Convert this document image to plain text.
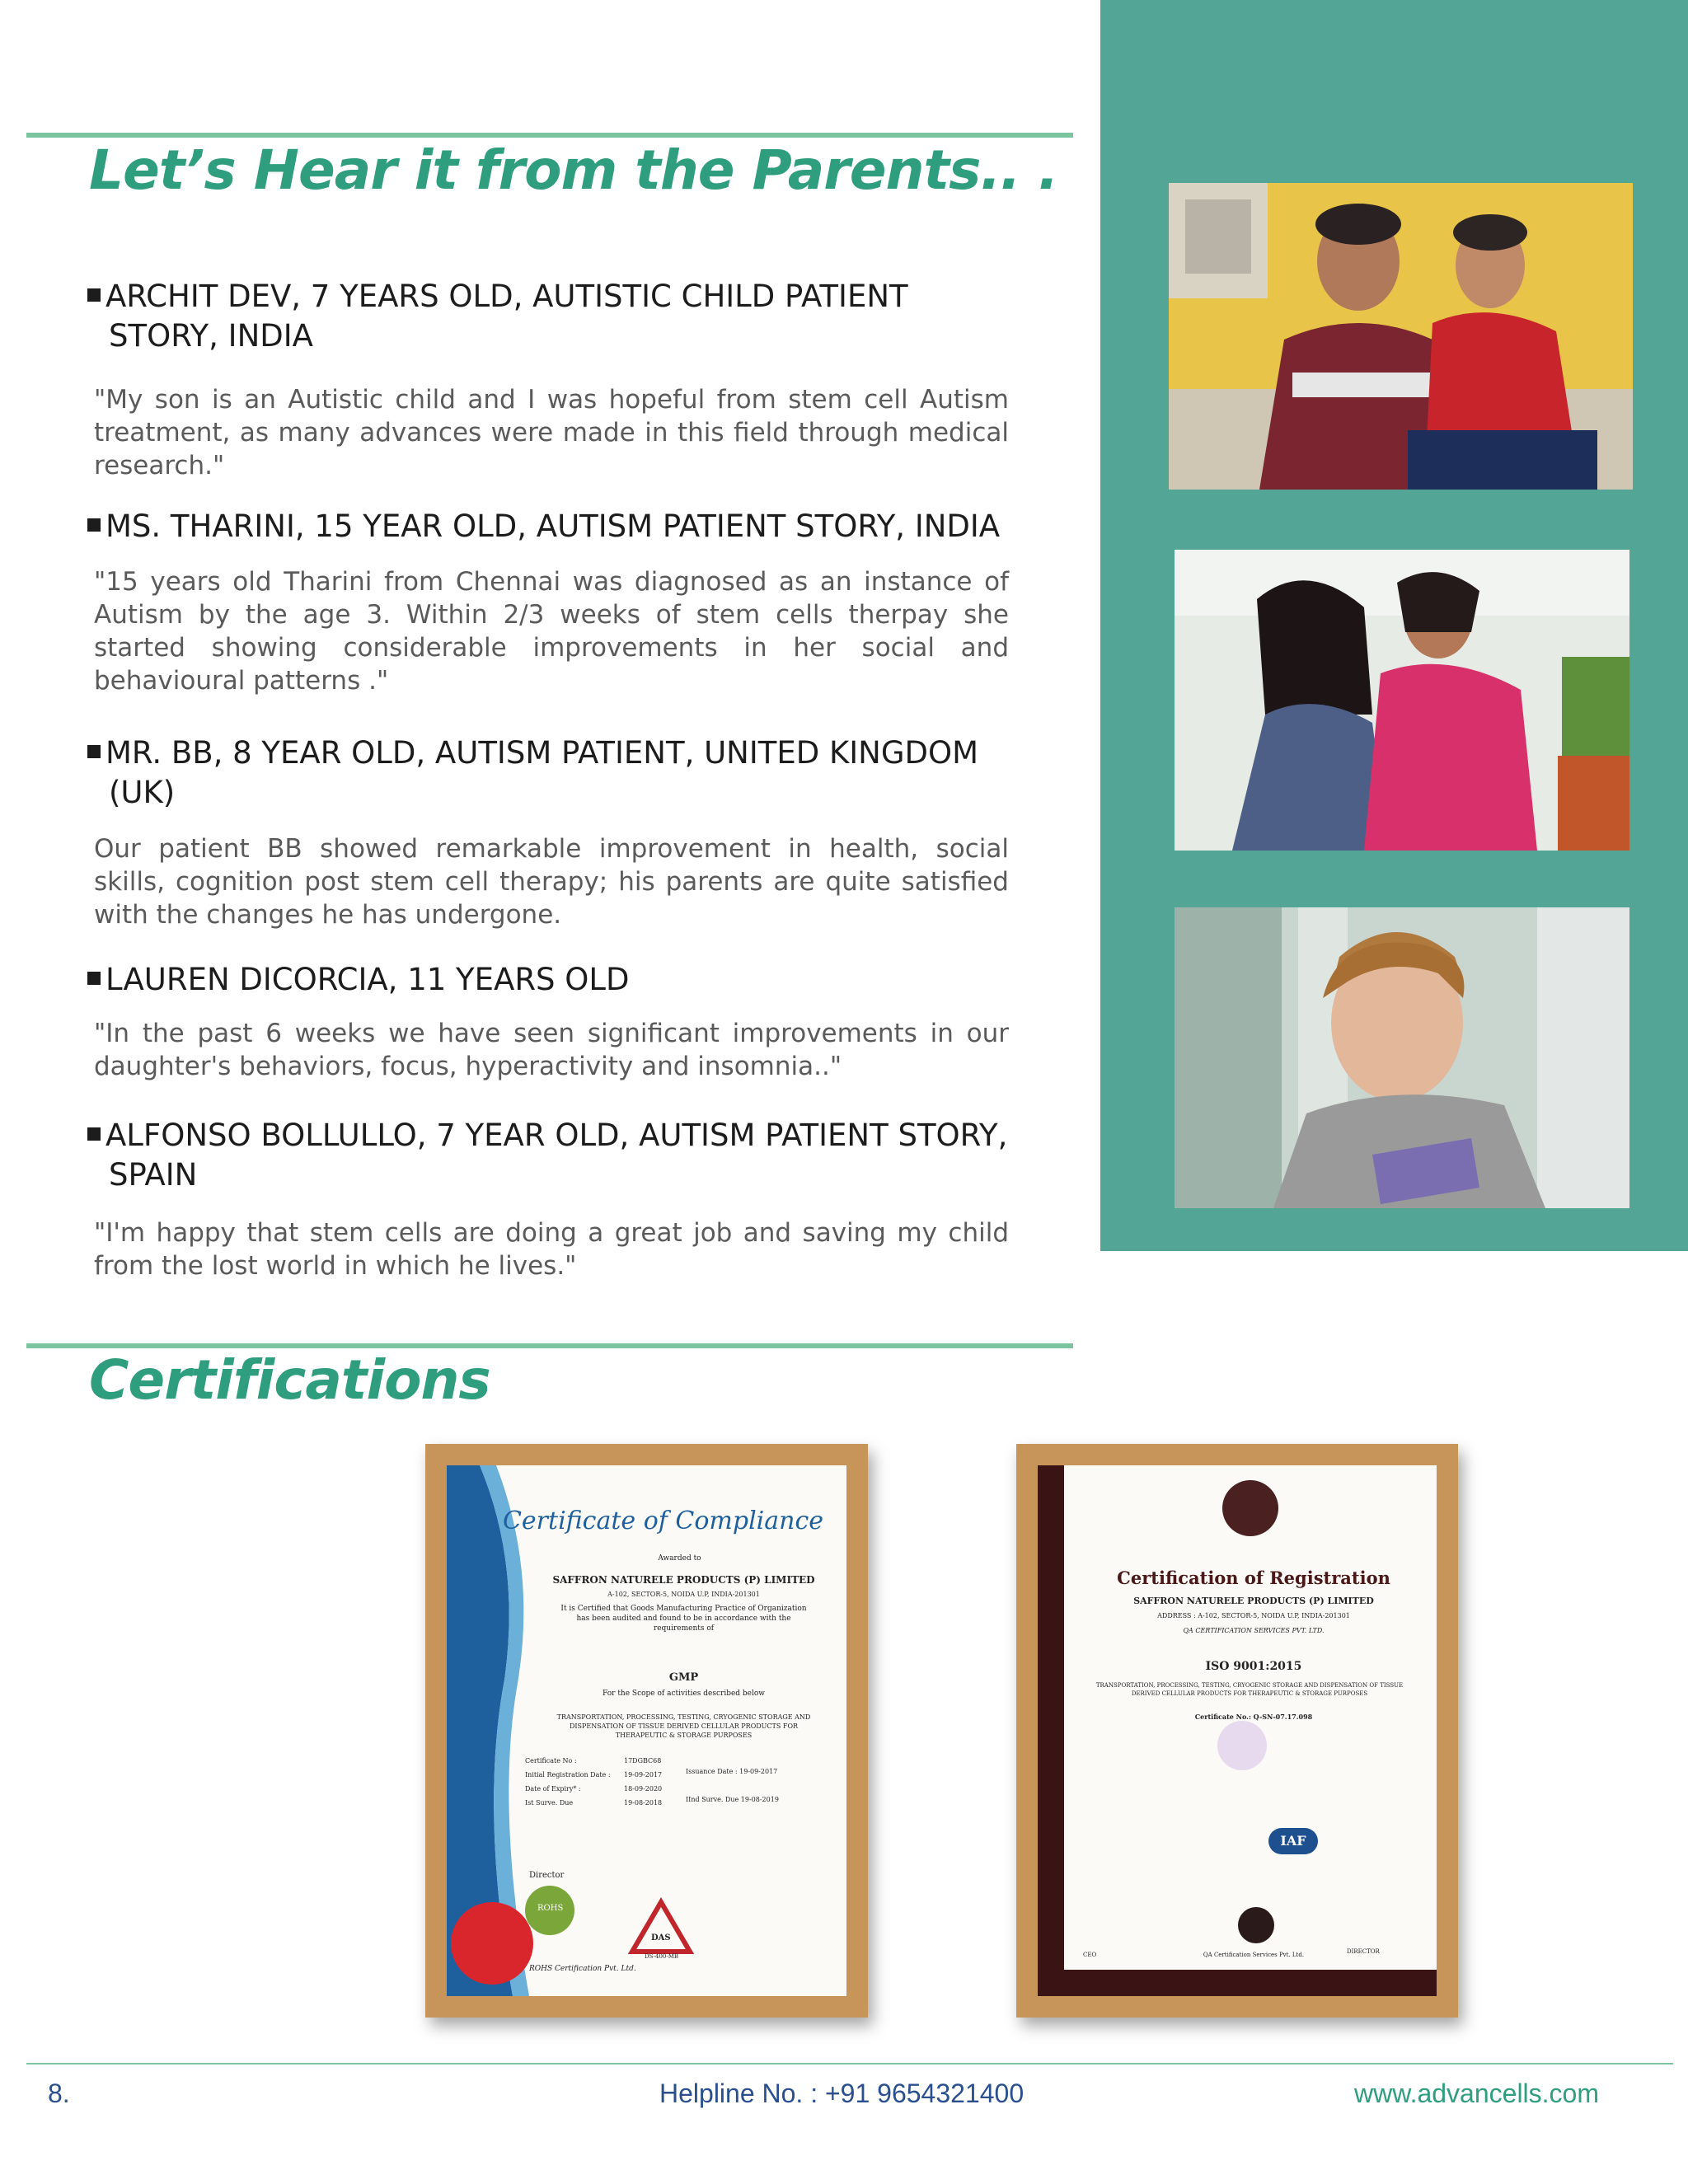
Let’s Hear it from the Parents.. .
ARCHIT DEV, 7 YEARS OLD, AUTISTIC CHILD PATIENT
STORY, INDIA

"My son is an Autistic child and I was hopeful from stem cell Autism treatment, as many advances were made in this field through medical research."

MS. THARINI, 15 YEAR OLD, AUTISM PATIENT STORY, INDIA

"15 years old Tharini from Chennai was diagnosed as an instance of Autism by the age 3. Within 2/3 weeks of stem cells therpay she started showing considerable improvements in her social and behavioural patterns ."

MR. BB, 8 YEAR OLD, AUTISM PATIENT, UNITED KINGDOM
(UK)

Our patient BB showed remarkable improvement in health, social skills, cognition post stem cell therapy; his parents are quite satisfied with the changes he has undergone.

LAUREN DICORCIA, 11 YEARS OLD

"In the past 6 weeks we have seen significant improvements in our daughter's behaviors, focus, hyperactivity and insomnia.."

ALFONSO BOLLULLO, 7 YEAR OLD, AUTISM PATIENT STORY,
SPAIN

"I'm happy that stem cells are doing a great job and saving my child from the lost world in which he lives."

Certifications

Certificate of Compliance

Awarded to

SAFFRON NATURELE PRODUCTS (P) LIMITED

A-102, SECTOR-5, NOIDA U.P, INDIA-201301

It is Certified that Goods Manufacturing Practice of Organization has been audited and found to be in accordance with the requirements of

GMP

For the Scope of activities described below

TRANSPORTATION, PROCESSING, TESTING, CRYOGENIC STORAGE AND DISPENSATION OF TISSUE DERIVED CELLULAR PRODUCTS FOR THERAPEUTIC & STORAGE PURPOSES

Certificate No :	17DGBC68
Initial Registration Date : 19-09-2017
Date of Expiry* :	18-09-2020
Ist Surve. Due	19-08-2018

Issuance Date : 19-09-2017

IInd Surve. Due 19-08-2019

Director

ROHS

DAS

DS-400-MB

ROHS Certification Pvt. Ltd.

Certification of Registration

SAFFRON NATURELE PRODUCTS (P) LIMITED

ADDRESS : A-102, SECTOR-5, NOIDA U.P, INDIA-201301

QA CERTIFICATION SERVICES PVT. LTD.

ISO 9001:2015

TRANSPORTATION, PROCESSING, TESTING, CRYOGENIC STORAGE AND DISPENSATION OF TISSUE DERIVED CELLULAR PRODUCTS FOR THERAPEUTIC & STORAGE PURPOSES

Certificate No.: Q-SN-07.17.098

IAF

CEO	QA Certification Services Pvt. Ltd.	DIRECTOR

8.	Helpline No. : +91 9654321400	www.advancells.com
